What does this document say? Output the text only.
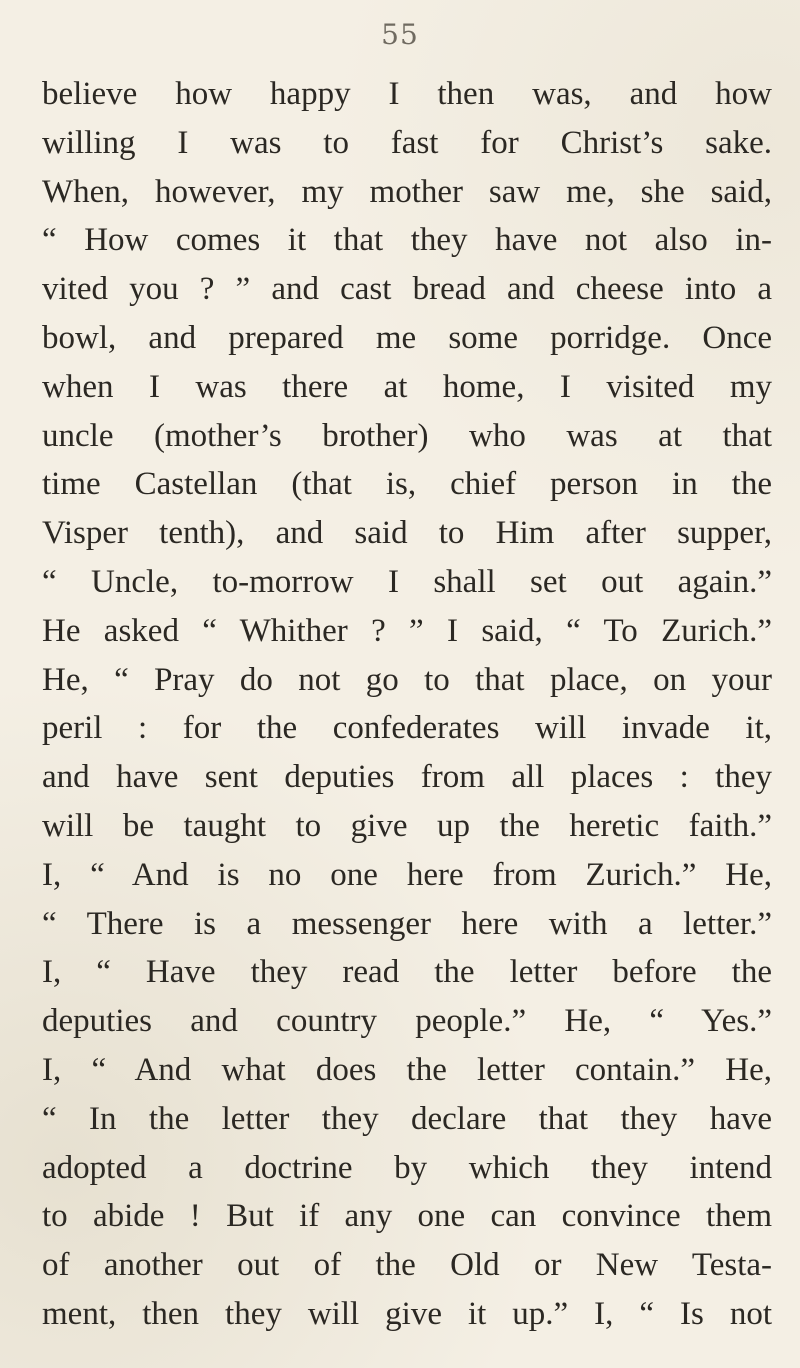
55
believe how happy I then was, and how
willing I was to fast for Christ’s sake.
When, however, my mother saw me, she said,
“ How comes it that they have not also in-
vited you ? ” and cast bread and cheese into a
bowl, and prepared me some porridge. Once
when I was there at home, I visited my
uncle (mother’s brother) who was at that
time Castellan (that is, chief person in the
Visper tenth), and said to Him after supper,
“ Uncle, to-morrow I shall set out again.”
He asked “ Whither ? ” I said, “ To Zurich.”
He, “ Pray do not go to that place, on your
peril : for the confederates will invade it,
and have sent deputies from all places : they
will be taught to give up the heretic faith.”
I, “ And is no one here from Zurich.” He,
“ There is a messenger here with a letter.”
I, “ Have they read the letter before the
deputies and country people.” He, “ Yes.”
I, “ And what does the letter contain.” He,
“ In the letter they declare that they have
adopted a doctrine by which they intend
to abide ! But if any one can convince them
of another out of the Old or New Testa-
ment, then they will give it up.” I, “ Is not
